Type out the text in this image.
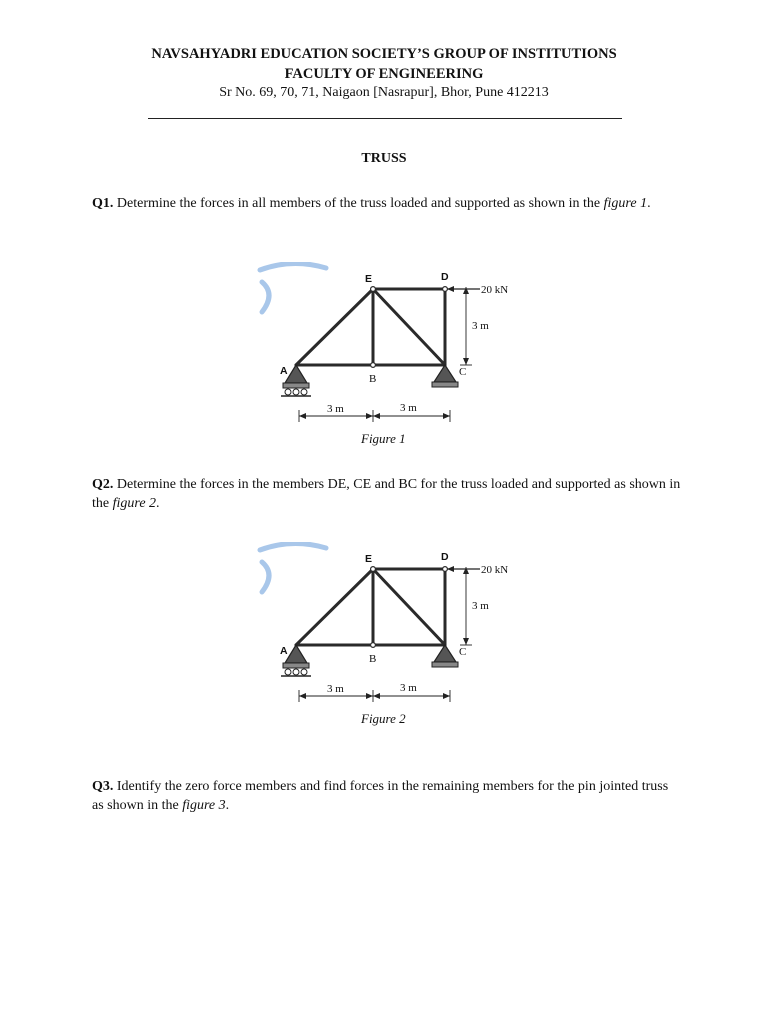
NAVSAHYADRI EDUCATION SOCIETY’S GROUP OF INSTITUTIONS
FACULTY OF ENGINEERING
Sr No. 69, 70, 71, Naigaon [Nasrapur], Bhor, Pune 412213
TRUSS
Q1. Determine the forces in all members of the truss loaded and supported as shown in the figure 1.
E	D
A
B
C
20 kN
3 m
3 m	3 m
Figure 1
Q2. Determine the forces in the members DE, CE and BC for the truss loaded and supported as shown in the figure 2.
E	D
A
B
C
20 kN
3 m
3 m	3 m
Figure 2
Q3. Identify the zero force members and find forces in the remaining members for the pin jointed truss as shown in the figure 3.
